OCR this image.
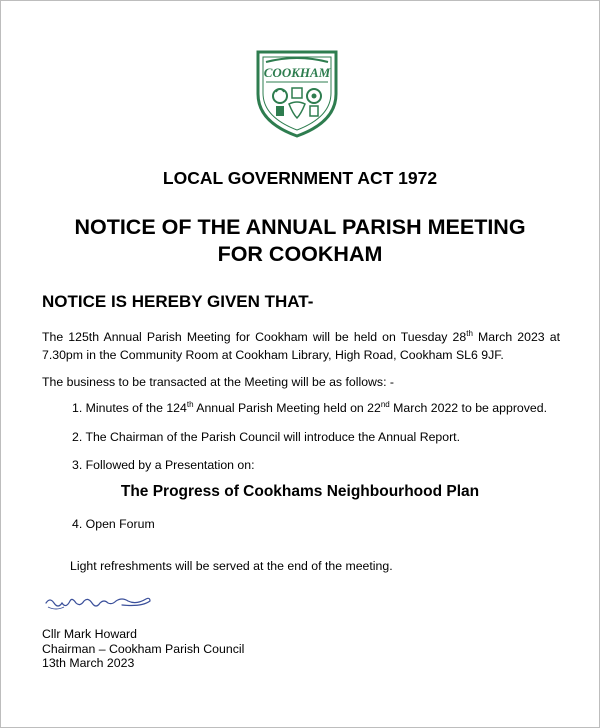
COOKHAM
LOCAL GOVERNMENT ACT 1972
NOTICE OF THE ANNUAL PARISH MEETING
FOR COOKHAM
NOTICE IS HEREBY GIVEN THAT-
The 125th Annual Parish Meeting for Cookham will be held on Tuesday 28th March 2023 at 7.30pm in the Community Room at Cookham Library, High Road, Cookham SL6 9JF.
The business to be transacted at the Meeting will be as follows: -
1. Minutes of the 124th Annual Parish Meeting held on 22nd March 2022 to be approved.
2. The Chairman of the Parish Council will introduce the Annual Report.
3. Followed by a Presentation on:
The Progress of Cookhams Neighbourhood Plan
4. Open Forum
Light refreshments will be served at the end of the meeting.
Cllr Mark Howard
Chairman – Cookham Parish Council
13th March 2023
